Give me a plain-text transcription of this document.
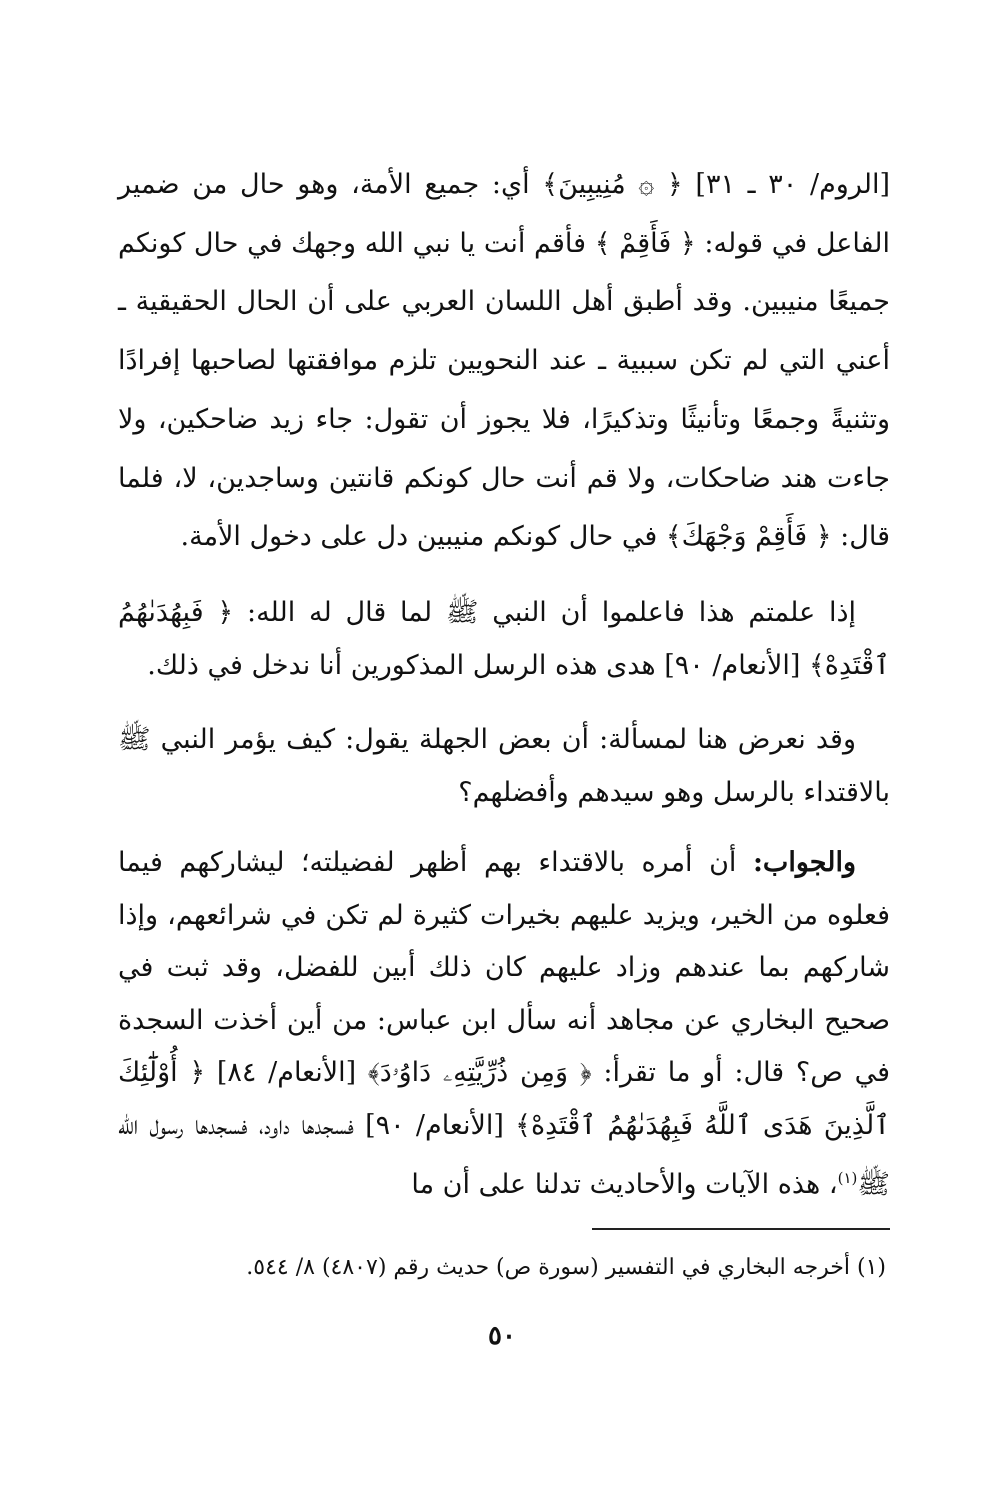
[الروم/ ٣٠ ـ ٣١] ﴿ ۞ مُنِيبِينَ﴾ أي: جميع الأمة، وهو حال من ضمير الفاعل في قوله: ﴿ فَأَقِمْ ﴾ فأقم أنت يا نبي الله وجهك في حال كونكم جميعًا منيبين. وقد أطبق أهل اللسان العربي على أن الحال الحقيقية ـ أعني التي لم تكن سببية ـ عند النحويين تلزم موافقتها لصاحبها إفرادًا وتثنيةً وجمعًا وتأنيثًا وتذكيرًا، فلا يجوز أن تقول: جاء زيد ضاحكين، ولا جاءت هند ضاحكات، ولا قم أنت حال كونكم قانتين وساجدين، لا، فلما قال: ﴿ فَأَقِمْ وَجْهَكَ﴾ في حال كونكم منيبين دل على دخول الأمة.
إذا علمتم هذا فاعلموا أن النبي ﷺ لما قال له الله: ﴿ فَبِهُدَىٰهُمُ ٱقْتَدِهْ﴾ [الأنعام/ ٩٠] هدى هذه الرسل المذكورين أنا ندخل في ذلك.
وقد نعرض هنا لمسألة: أن بعض الجهلة يقول: كيف يؤمر النبي ﷺ بالاقتداء بالرسل وهو سيدهم وأفضلهم؟
والجواب: أن أمره بالاقتداء بهم أظهر لفضيلته؛ ليشاركهم فيما فعلوه من الخير، ويزيد عليهم بخيرات كثيرة لم تكن في شرائعهم، وإذا شاركهم بما عندهم وزاد عليهم كان ذلك أبين للفضل، وقد ثبت في صحيح البخاري عن مجاهد أنه سأل ابن عباس: من أين أخذت السجدة في ص؟ قال: أو ما تقرأ: ﴿ وَمِن ذُرِّيَّتِهِۦ دَاوُۥدَ﴾ [الأنعام/ ٨٤] ﴿ أُوْلَٰٓئِكَ ٱلَّذِينَ هَدَى ٱللَّهُ فَبِهُدَىٰهُمُ ٱقْتَدِهْ﴾ [الأنعام/ ٩٠] فسجدها داود، فسجدها رسول الله ﷺ$^{(١)}$، هذه الآيات والأحاديث تدلنا على أن ما
(١) أخرجه البخاري في التفسير (سورة ص) حديث رقم (٤٨٠٧) ٨/ ٥٤٤.
٥٠
